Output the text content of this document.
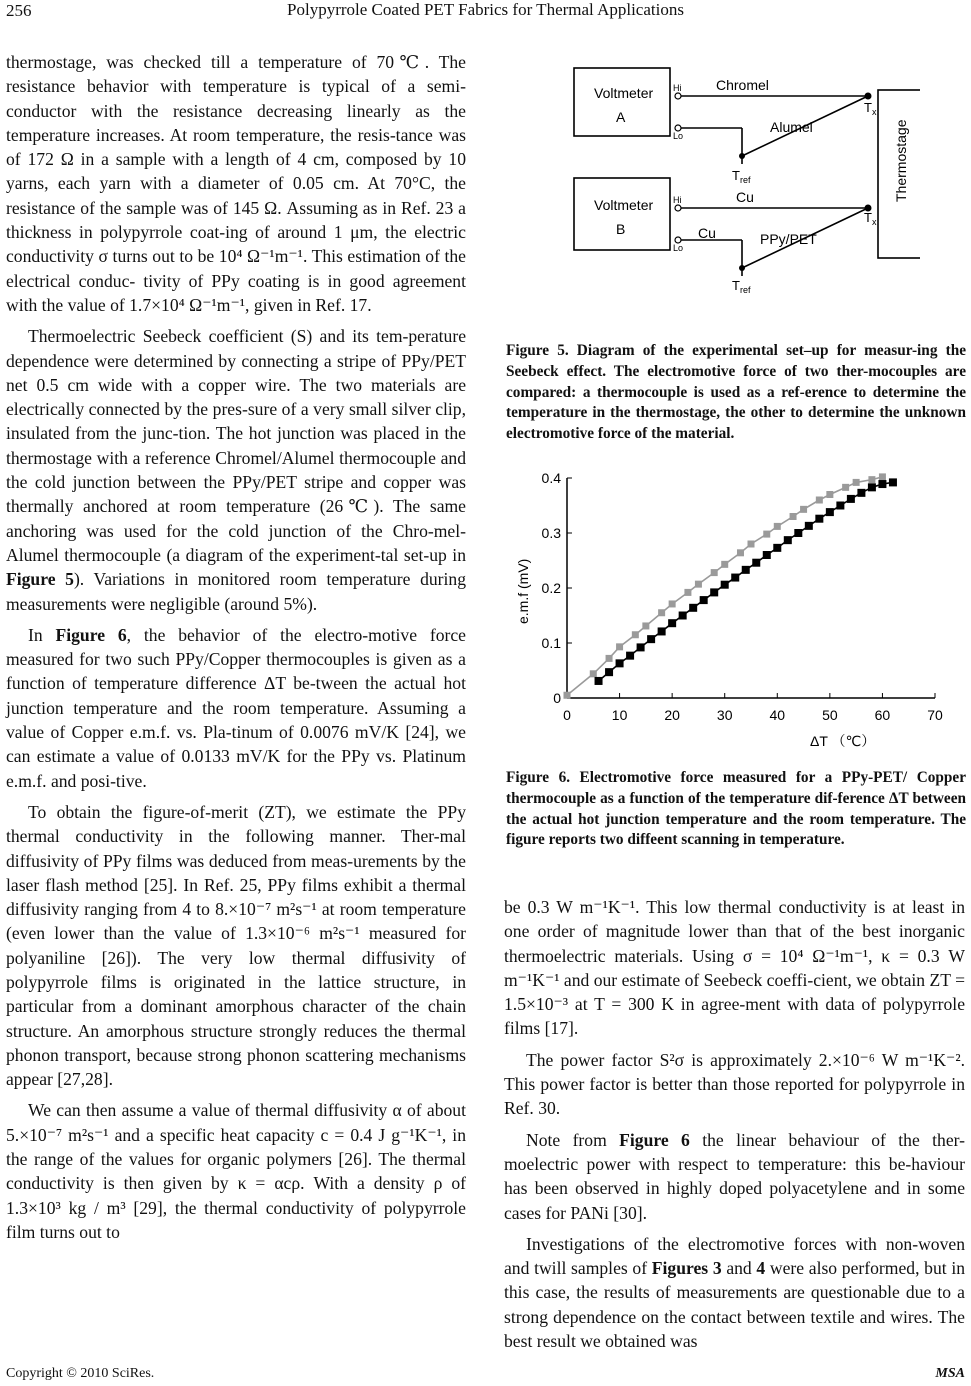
256	Polypyrrole Coated PET Fabrics for Thermal Applications

thermostage, was checked till a temperature of 70℃. The resistance behavior with temperature is typical of a semi-conductor with the resistance decreasing linearly as the temperature increases. At room temperature, the resis-tance was of 172 Ω in a sample with a length of 4 cm, composed by 10 yarns, each yarn with a diameter of 0.05 cm. At 70°C, the resistance of the sample was of 145 Ω. Assuming as in Ref. 23 a thickness in polypyrrole coat-ing of around 1 μm, the electric conductivity σ turns out to be 10⁴ Ω⁻¹m⁻¹. This estimation of the electrical conduc- tivity of PPy coating is in good agreement with the value of 1.7×10⁴ Ω⁻¹m⁻¹, given in Ref. 17.

Thermoelectric Seebeck coefficient (S) and its tem-perature dependence were determined by connecting a stripe of PPy/PET net 0.5 cm wide with a copper wire. The two materials are electrically connected by the pres-sure of a very small silver clip, insulated from the junc-tion. The hot junction was placed in the thermostage with a reference Chromel/Alumel thermocouple and the cold junction between the PPy/PET stripe and copper was thermally anchored at room temperature (26℃). The same anchoring was used for the cold junction of the Chro-mel-Alumel thermocouple (a diagram of the experiment-tal set-up in Figure 5). Variations in monitored room temperature during measurements were negligible (around 5%).

In Figure 6, the behavior of the electro-motive force measured for two such PPy/Copper thermocouples is given as a function of temperature difference ΔT be-tween the actual hot junction temperature and the room temperature. Assuming a value of Copper e.m.f. vs. Pla-tinum of 0.0076 mV/K [24], we can estimate a value of 0.0133 mV/K for the PPy vs. Platinum e.m.f. and posi-tive.

To obtain the figure-of-merit (ZT), we estimate the PPy thermal conductivity in the following manner. Ther-mal diffusivity of PPy films was deduced from meas-urements by the laser flash method [25]. In Ref. 25, PPy films exhibit a thermal diffusivity ranging from 4 to 8.×10⁻⁷ m²s⁻¹ at room temperature (even lower than the value of 1.3×10⁻⁶ m²s⁻¹ measured for polyaniline [26]). The very low thermal diffusivity of polypyrrole films is originated in the lattice structure, in particular from a dominant amorphous character of the chain structure. An amorphous structure strongly reduces the thermal phonon transport, because strong phonon scattering mechanisms appear [27,28].

We can then assume a value of thermal diffusivity α of about 5.×10⁻⁷ m²s⁻¹ and a specific heat capacity c = 0.4 J g⁻¹K⁻¹, in the range of the values for organic polymers [26]. The thermal conductivity is then given by κ = αcρ. With a density ρ of 1.3×10³ kg / m³ [29], the thermal conductivity of polypyrrole film turns out to

Voltmeter
A
Voltmeter
B
Hi
Lo
Hi
Lo
Chromel
Alumel
Cu
Cu	PPy/PET
$T_x$
$T_x$
$T_{ref}$
$T_{ref}$
Thermostage
Figure 5. Diagram of the experimental set–up for measur-ing the Seebeck effect. The electromotive force of two ther-mocouples are compared: a thermocouple is used as a ref-erence to determine the temperature in the thermostage, the other to determine the unknown electromotive force of the material.
0	10	20	30	40	50	60	70
0
0.1
0.2
0.3
0.4
ΔT （℃）
e.m.f (mV)
Figure 6. Electromotive force measured for a PPy-PET/ Copper thermocouple as a function of the temperature dif-ference ΔT between the actual hot junction temperature and the room temperature. The figure reports two diffeent scanning in temperature.

be 0.3 W m⁻¹K⁻¹. This low thermal conductivity is at least in one order of magnitude lower than that of the best inorganic thermoelectric materials. Using σ = 10⁴ Ω⁻¹m⁻¹, κ = 0.3 W m⁻¹K⁻¹ and our estimate of Seebeck coeffi-cient, we obtain ZT = 1.5×10⁻³ at T = 300 K in agree-ment with data of polypyrrole films [17].

The power factor S²σ is approximately 2.×10⁻⁶ W m⁻¹K⁻². This power factor is better than those reported for polypyrrole in Ref. 30.

Note from Figure 6 the linear behaviour of the ther-moelectric power with respect to temperature: this be-haviour has been observed in highly doped polyacetylene and in some cases for PANi [30].

Investigations of the electromotive forces with non-woven and twill samples of Figures 3 and 4 were also performed, but in this case, the results of measurements are questionable due to a strong dependence on the contact between textile and wires. The best result we obtained was

Copyright © 2010 SciRes.	MSA
